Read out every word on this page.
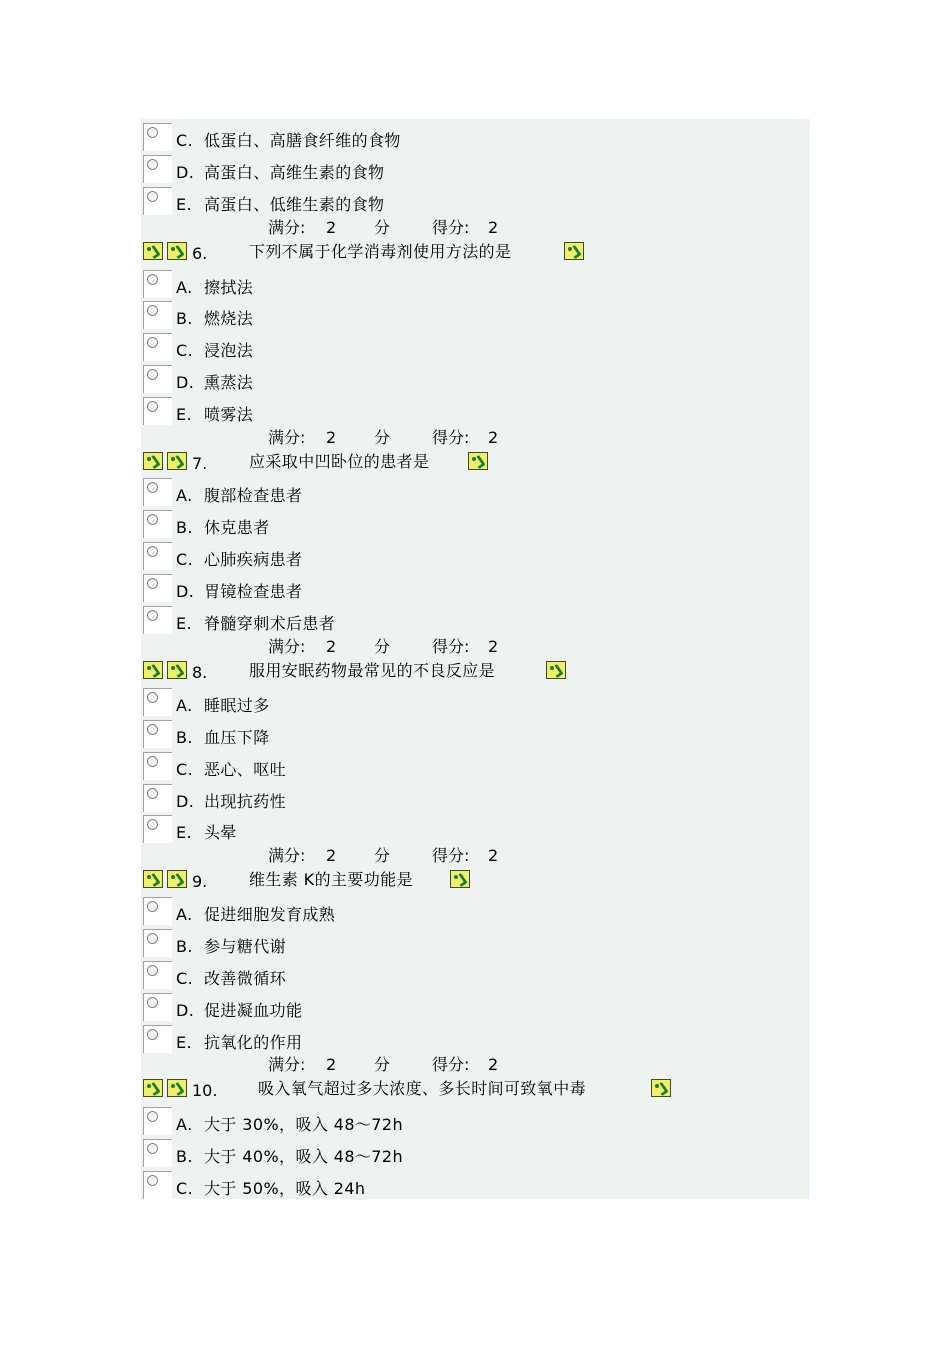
C. 低蛋白、高膳食纤维的食物
D. 高蛋白、高维生素的食物
E. 高蛋白、低维生素的食物
满分: 2 分	得分: 2
6.	下列不属于化学消毒剂使用方法的是
A. 擦拭法
B. 燃烧法
C. 浸泡法
D. 熏蒸法
E. 喷雾法
满分: 2 分	得分: 2
7.	应采取中凹卧位的患者是
A. 腹部检查患者
B. 休克患者
C. 心肺疾病患者
D. 胃镜检查患者
E. 脊髓穿刺术后患者
满分: 2 分	得分: 2
8.	服用安眠药物最常见的不良反应是
A. 睡眠过多
B. 血压下降
C. 恶心、呕吐
D. 出现抗药性
E. 头晕
满分: 2 分	得分: 2
9.	维生素 K的主要功能是
A. 促进细胞发育成熟
B. 参与糖代谢
C. 改善微循环
D. 促进凝血功能
E. 抗氧化的作用
满分: 2 分	得分: 2
10.	吸入氧气超过多大浓度、多长时间可致氧中毒
A. 大于 30%，吸入 48～72h
B. 大于 40%，吸入 48～72h
C. 大于 50%，吸入 24h
